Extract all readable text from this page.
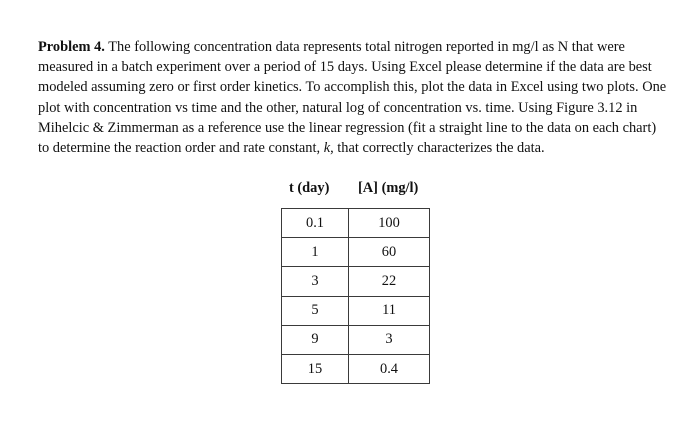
Problem 4. The following concentration data represents total nitrogen reported in mg/l as N that were measured in a batch experiment over a period of 15 days. Using Excel please determine if the data are best modeled assuming zero or first order kinetics. To accomplish this, plot the data in Excel using two plots. One plot with concentration vs time and the other, natural log of concentration vs. time. Using Figure 3.12 in Mihelcic & Zimmerman as a reference use the linear regression (fit a straight line to the data on each chart) to determine the reaction order and rate constant, k, that correctly characterizes the data.

t (day) [A] (mg/l)
0.1	100
1	60
3	22
5	11
9	3
15	0.4
